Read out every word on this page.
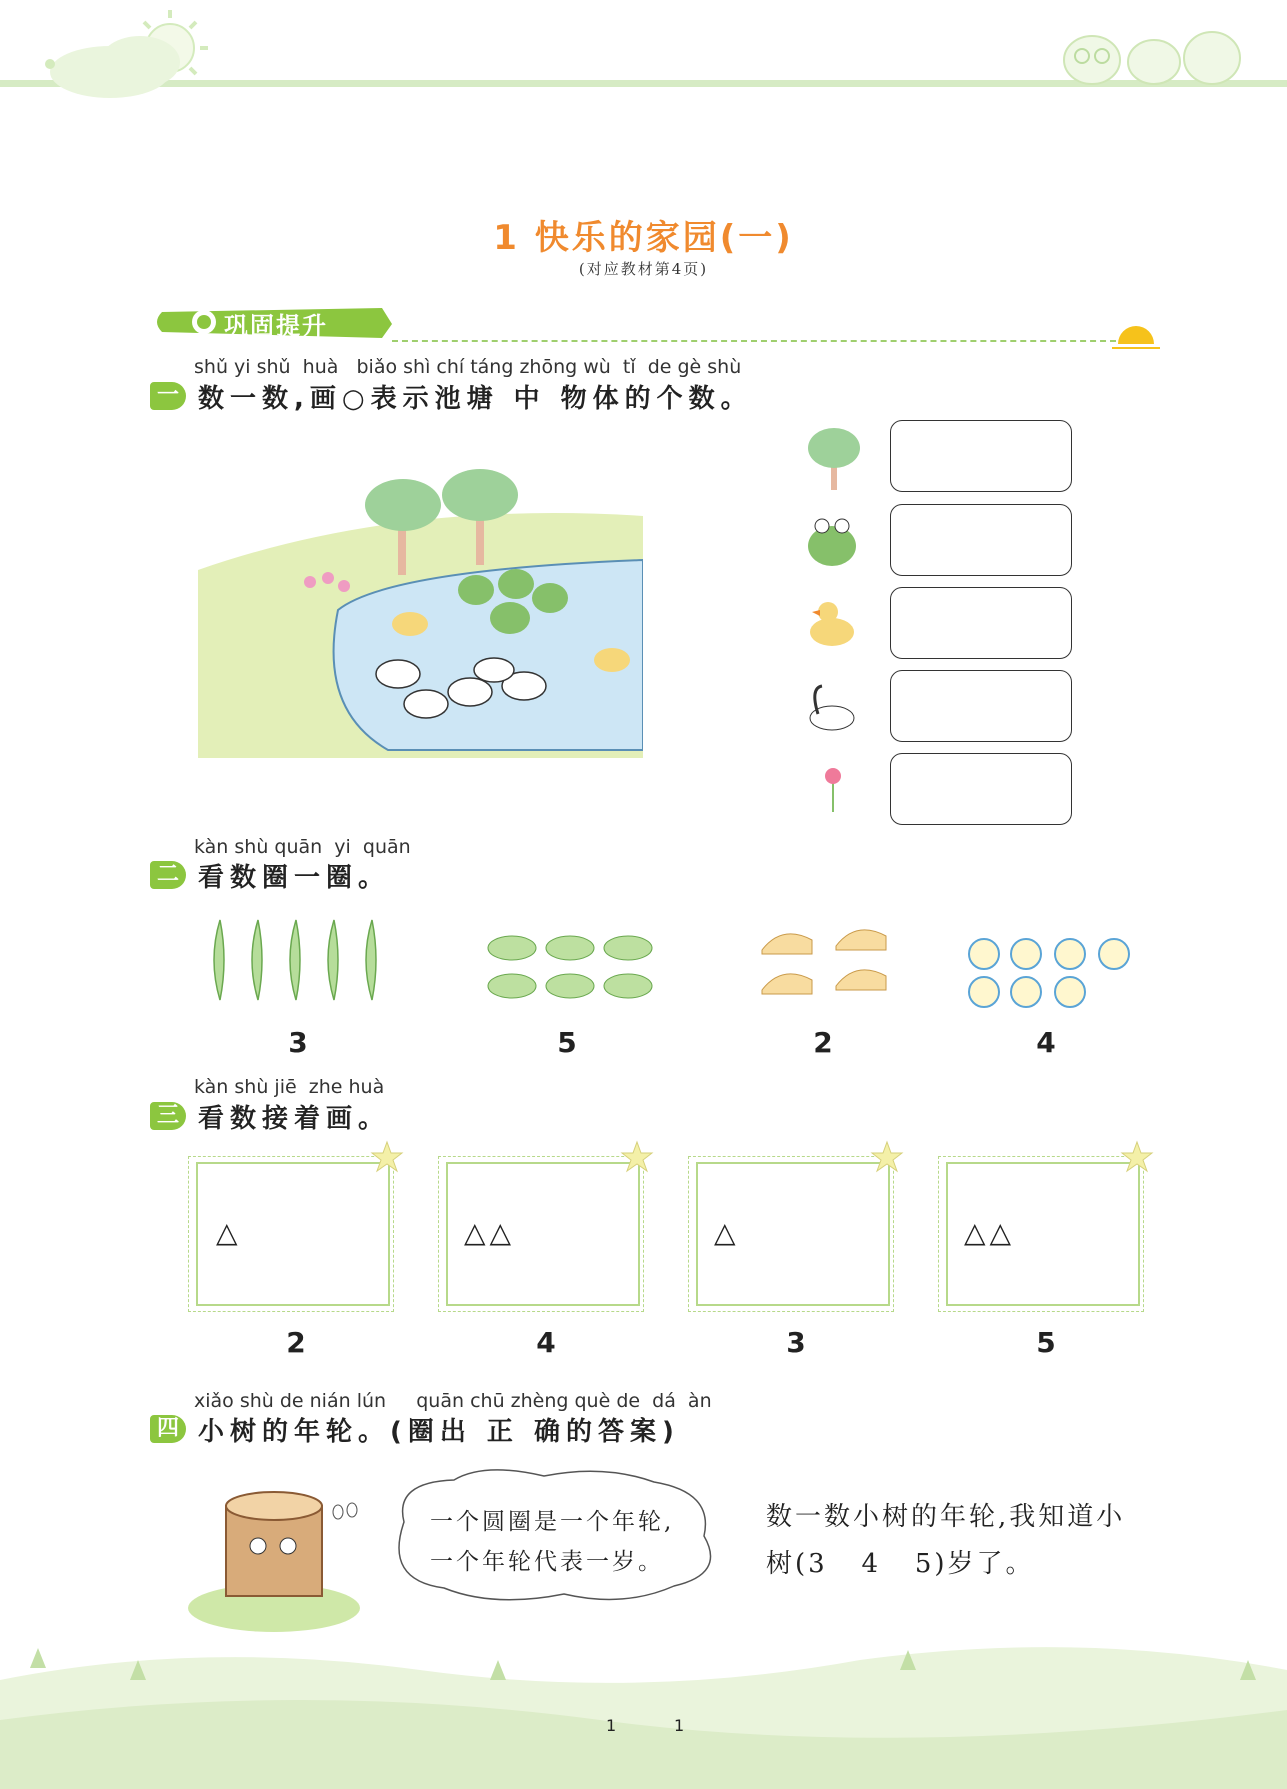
1 快乐的家园(一)
(对应教材第4页)
巩固提升
shǔ yi shǔ  huà   biǎo shì chí táng zhōng wù  tǐ  de gè shù
一 数一数,画○表示池塘 中 物体的个数。
kàn shù quān  yi  quān
二 看数圈一圈。
3	5	2	4
kàn shù jiē  zhe huà
三 看数接着画。
△	△△	△	△△
2	4	3	5
xiǎo shù de nián lún     quān chū zhèng què de  dá  àn
四 小树的年轮。(圈出 正 确的答案)
一个圆圈是一个年轮,
一个年轮代表一岁。
数一数小树的年轮,我知道小
树(3   4   5)岁了。
1	1
